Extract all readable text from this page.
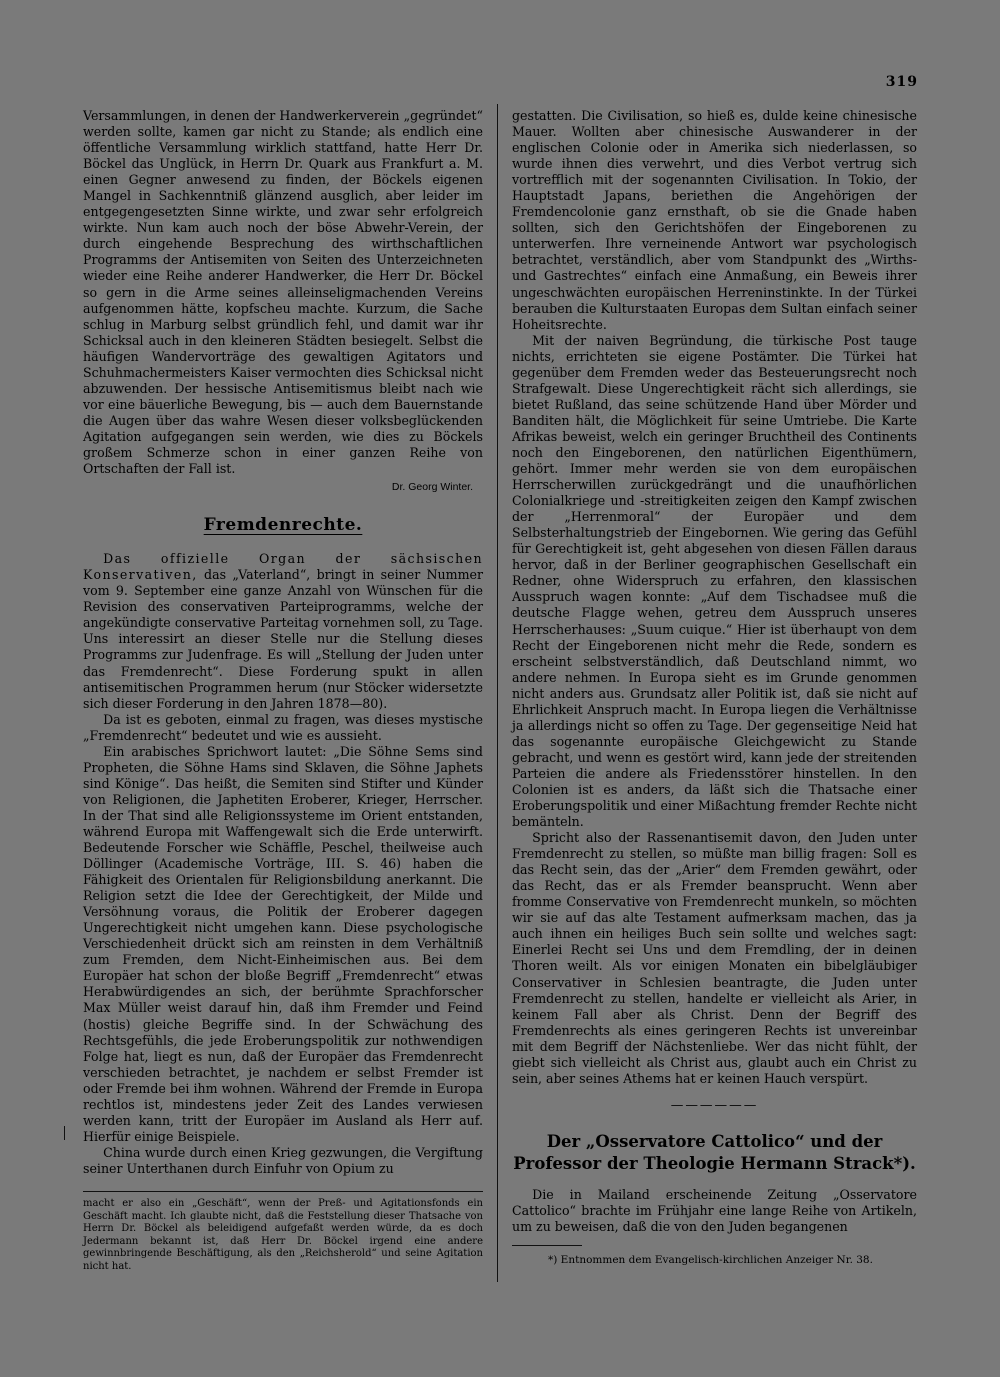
319

Versammlungen, in denen der Handwerkerverein „gegründet“ werden sollte, kamen gar nicht zu Stande; als endlich eine öffentliche Versammlung wirklich stattfand, hatte Herr Dr. Böckel das Unglück, in Herrn Dr. Quark aus Frankfurt a. M. einen Gegner anwesend zu finden, der Böckels eigenen Mangel in Sachkenntniß glänzend ausglich, aber leider im entgegengesetzten Sinne wirkte, und zwar sehr erfolgreich wirkte. Nun kam auch noch der böse Abwehr-Verein, der durch eingehende Besprechung des wirthschaftlichen Programms der Antisemiten von Seiten des Unterzeichneten wieder eine Reihe anderer Handwerker, die Herr Dr. Böckel so gern in die Arme seines alleinseligmachenden Vereins aufgenommen hätte, kopfscheu machte. Kurzum, die Sache schlug in Marburg selbst gründlich fehl, und damit war ihr Schicksal auch in den kleineren Städten besiegelt. Selbst die häufigen Wandervorträge des gewaltigen Agitators und Schuhmachermeisters Kaiser vermochten dies Schicksal nicht abzuwenden. Der hessische Antisemitismus bleibt nach wie vor eine bäuerliche Bewegung, bis — auch dem Bauernstande die Augen über das wahre Wesen dieser volksbeglückenden Agitation aufgegangen sein werden, wie dies zu Böckels großem Schmerze schon in einer ganzen Reihe von Ortschaften der Fall ist.

Dr. Georg Winter.
Fremdenrechte.

Das offizielle Organ der sächsischen Konservativen, das „Vaterland“, bringt in seiner Nummer vom 9. September eine ganze Anzahl von Wünschen für die Revision des conservativen Parteiprogramms, welche der angekündigte conservative Parteitag vornehmen soll, zu Tage. Uns interessirt an dieser Stelle nur die Stellung dieses Programms zur Judenfrage. Es will „Stellung der Juden unter das Fremdenrecht“. Diese Forderung spukt in allen antisemitischen Programmen herum (nur Stöcker widersetzte sich dieser Forderung in den Jahren 1878—80).

Da ist es geboten, einmal zu fragen, was dieses mystische „Fremdenrecht“ bedeutet und wie es aussieht.

Ein arabisches Sprichwort lautet: „Die Söhne Sems sind Propheten, die Söhne Hams sind Sklaven, die Söhne Japhets sind Könige“. Das heißt, die Semiten sind Stifter und Künder von Religionen, die Japhetiten Eroberer, Krieger, Herrscher. In der That sind alle Religionssysteme im Orient entstanden, während Europa mit Waffengewalt sich die Erde unterwirft. Bedeutende Forscher wie Schäffle, Peschel, theilweise auch Döllinger (Academische Vorträge, III. S. 46) haben die Fähigkeit des Orientalen für Religionsbildung anerkannt. Die Religion setzt die Idee der Gerechtigkeit, der Milde und Versöhnung voraus, die Politik der Eroberer dagegen Ungerechtigkeit nicht umgehen kann. Diese psychologische Verschiedenheit drückt sich am reinsten in dem Verhältniß zum Fremden, dem Nicht-Einheimischen aus. Bei dem Europäer hat schon der bloße Begriff „Fremdenrecht“ etwas Herabwürdigendes an sich, der berühmte Sprachforscher Max Müller weist darauf hin, daß ihm Fremder und Feind (hostis) gleiche Begriffe sind. In der Schwächung des Rechtsgefühls, die jede Eroberungspolitik zur nothwendigen Folge hat, liegt es nun, daß der Europäer das Fremdenrecht verschieden betrachtet, je nachdem er selbst Fremder ist oder Fremde bei ihm wohnen. Während der Fremde in Europa rechtlos ist, mindestens jeder Zeit des Landes verwiesen werden kann, tritt der Europäer im Ausland als Herr auf. Hierfür einige Beispiele.

China wurde durch einen Krieg gezwungen, die Vergiftung seiner Unterthanen durch Einfuhr von Opium zu

macht er also ein „Geschäft“, wenn der Preß- und Agitationsfonds ein Geschäft macht. Ich glaubte nicht, daß die Feststellung dieser Thatsache von Herrn Dr. Böckel als beleidigend aufgefaßt werden würde, da es doch Jedermann bekannt ist, daß Herr Dr. Böckel irgend eine andere gewinnbringende Beschäftigung, als den „Reichsherold“ und seine Agitation nicht hat.

gestatten. Die Civilisation, so hieß es, dulde keine chinesische Mauer. Wollten aber chinesische Auswanderer in der englischen Colonie oder in Amerika sich niederlassen, so wurde ihnen dies verwehrt, und dies Verbot vertrug sich vortrefflich mit der sogenannten Civilisation. In Tokio, der Hauptstadt Japans, beriethen die Angehörigen der Fremdencolonie ganz ernsthaft, ob sie die Gnade haben sollten, sich den Gerichtshöfen der Eingeborenen zu unterwerfen. Ihre verneinende Antwort war psychologisch betrachtet, verständlich, aber vom Standpunkt des „Wirths- und Gastrechtes“ einfach eine Anmaßung, ein Beweis ihrer ungeschwächten europäischen Herreninstinkte. In der Türkei berauben die Kulturstaaten Europas dem Sultan einfach seiner Hoheitsrechte.

Mit der naiven Begründung, die türkische Post tauge nichts, errichteten sie eigene Postämter. Die Türkei hat gegenüber dem Fremden weder das Besteuerungsrecht noch Strafgewalt. Diese Ungerechtigkeit rächt sich allerdings, sie bietet Rußland, das seine schützende Hand über Mörder und Banditen hält, die Möglichkeit für seine Umtriebe. Die Karte Afrikas beweist, welch ein geringer Bruchtheil des Continents noch den Eingeborenen, den natürlichen Eigenthümern, gehört. Immer mehr werden sie von dem europäischen Herrscherwillen zurückgedrängt und die unaufhörlichen Colonialkriege und -streitigkeiten zeigen den Kampf zwischen der „Herrenmoral“ der Europäer und dem Selbsterhaltungstrieb der Eingebornen. Wie gering das Gefühl für Gerechtigkeit ist, geht abgesehen von diesen Fällen daraus hervor, daß in der Berliner geographischen Gesellschaft ein Redner, ohne Widerspruch zu erfahren, den klassischen Ausspruch wagen konnte: „Auf dem Tischadsee muß die deutsche Flagge wehen, getreu dem Ausspruch unseres Herrscherhauses: „Suum cuique.“ Hier ist überhaupt von dem Recht der Eingeborenen nicht mehr die Rede, sondern es erscheint selbstverständlich, daß Deutschland nimmt, wo andere nehmen. In Europa sieht es im Grunde genommen nicht anders aus. Grundsatz aller Politik ist, daß sie nicht auf Ehrlichkeit Anspruch macht. In Europa liegen die Verhältnisse ja allerdings nicht so offen zu Tage. Der gegenseitige Neid hat das sogenannte europäische Gleichgewicht zu Stande gebracht, und wenn es gestört wird, kann jede der streitenden Parteien die andere als Friedensstörer hinstellen. In den Colonien ist es anders, da läßt sich die Thatsache einer Eroberungspolitik und einer Mißachtung fremder Rechte nicht bemänteln.

Spricht also der Rassenantisemit davon, den Juden unter Fremdenrecht zu stellen, so müßte man billig fragen: Soll es das Recht sein, das der „Arier“ dem Fremden gewährt, oder das Recht, das er als Fremder beansprucht. Wenn aber fromme Conservative von Fremdenrecht munkeln, so möchten wir sie auf das alte Testament aufmerksam machen, das ja auch ihnen ein heiliges Buch sein sollte und welches sagt: Einerlei Recht sei Uns und dem Fremdling, der in deinen Thoren weilt. Als vor einigen Monaten ein bibelgläubiger Conservativer in Schlesien beantragte, die Juden unter Fremdenrecht zu stellen, handelte er vielleicht als Arier, in keinem Fall aber als Christ. Denn der Begriff des Fremdenrechts als eines geringeren Rechts ist unvereinbar mit dem Begriff der Nächstenliebe. Wer das nicht fühlt, der giebt sich vielleicht als Christ aus, glaubt auch ein Christ zu sein, aber seines Athems hat er keinen Hauch verspürt.

——————
Der „Osservatore Cattolico“ und der Professor der Theologie Hermann Strack*).

Die in Mailand erscheinende Zeitung „Osservatore Cattolico“ brachte im Frühjahr eine lange Reihe von Artikeln, um zu beweisen, daß die von den Juden begangenen

*) Entnommen dem Evangelisch-kirchlichen Anzeiger Nr. 38.
